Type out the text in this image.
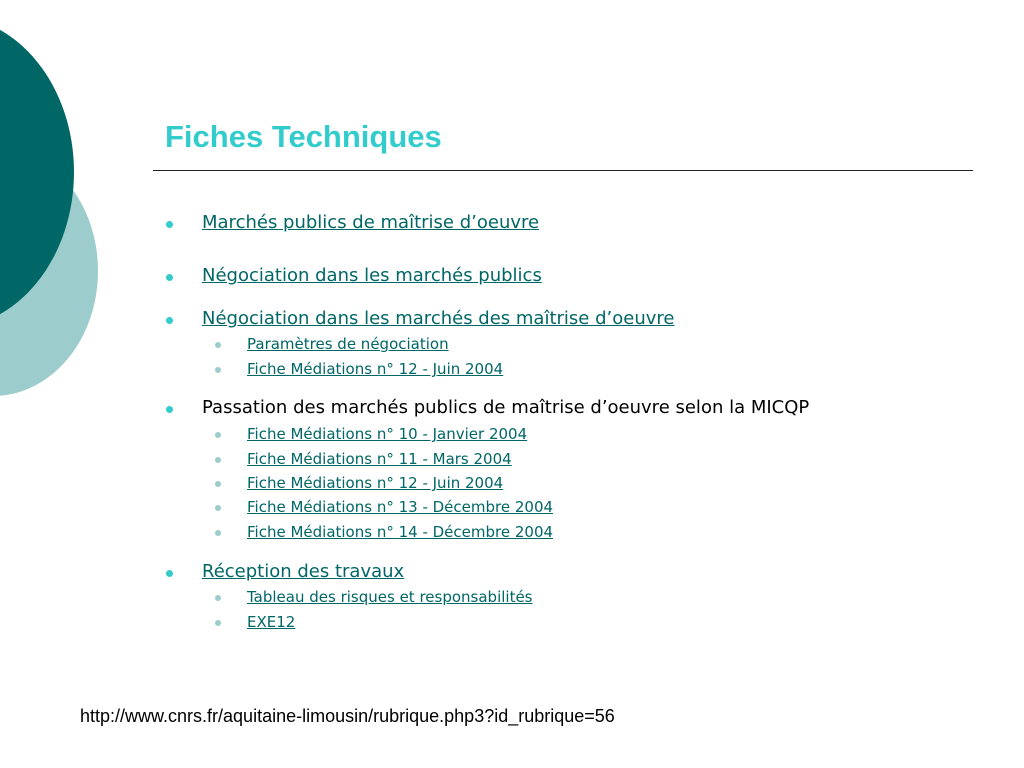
Fiches Techniques
Marchés publics de maîtrise d’oeuvre
Négociation dans les marchés publics
Négociation dans les marchés des maîtrise d’oeuvre
Paramètres de négociation
Fiche Médiations n° 12 - Juin 2004
Passation des marchés publics de maîtrise d’oeuvre selon la MICQP
Fiche Médiations n° 10 - Janvier 2004
Fiche Médiations n° 11 - Mars 2004
Fiche Médiations n° 12 - Juin 2004
Fiche Médiations n° 13 - Décembre 2004
Fiche Médiations n° 14 - Décembre 2004
Réception des travaux
Tableau des risques et responsabilités
EXE12
http://www.cnrs.fr/aquitaine-limousin/rubrique.php3?id_rubrique=56
